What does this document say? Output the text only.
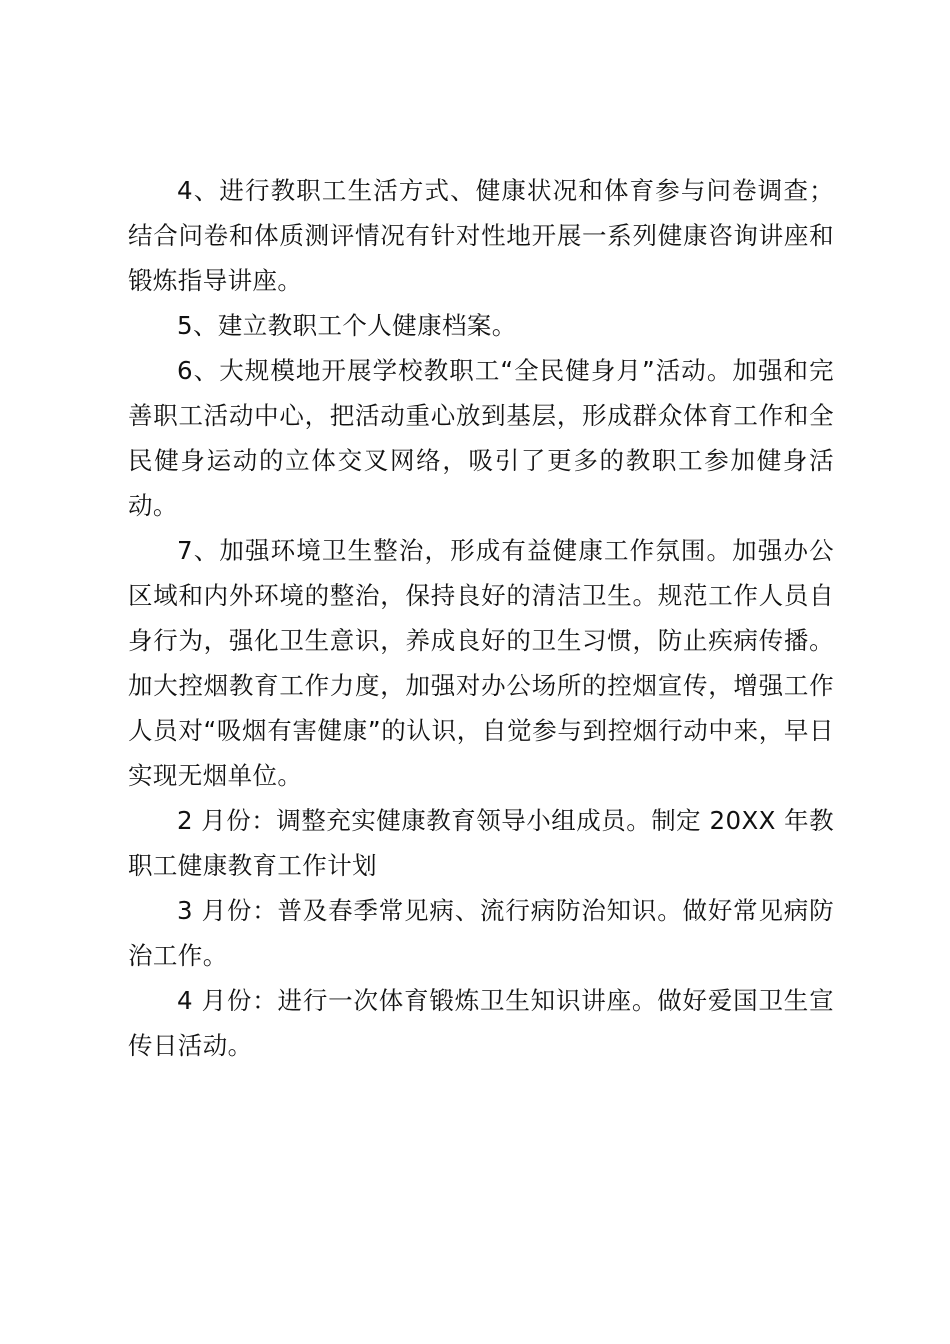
4、进行教职工生活方式、健康状况和体育参与问卷调查；结合问卷和体质测评情况有针对性地开展一系列健康咨询讲座和锻炼指导讲座。

5、建立教职工个人健康档案。

6、大规模地开展学校教职工“全民健身月”活动。加强和完善职工活动中心，把活动重心放到基层，形成群众体育工作和全民健身运动的立体交叉网络，吸引了更多的教职工参加健身活动。

7、加强环境卫生整治，形成有益健康工作氛围。加强办公区域和内外环境的整治，保持良好的清洁卫生。规范工作人员自身行为，强化卫生意识，养成良好的卫生习惯，防止疾病传播。加大控烟教育工作力度，加强对办公场所的控烟宣传，增强工作人员对“吸烟有害健康”的认识，自觉参与到控烟行动中来，早日实现无烟单位。

2 月份：调整充实健康教育领导小组成员。制定 20XX 年教职工健康教育工作计划

3 月份：普及春季常见病、流行病防治知识。做好常见病防治工作。

4 月份：进行一次体育锻炼卫生知识讲座。做好爱国卫生宣传日活动。
